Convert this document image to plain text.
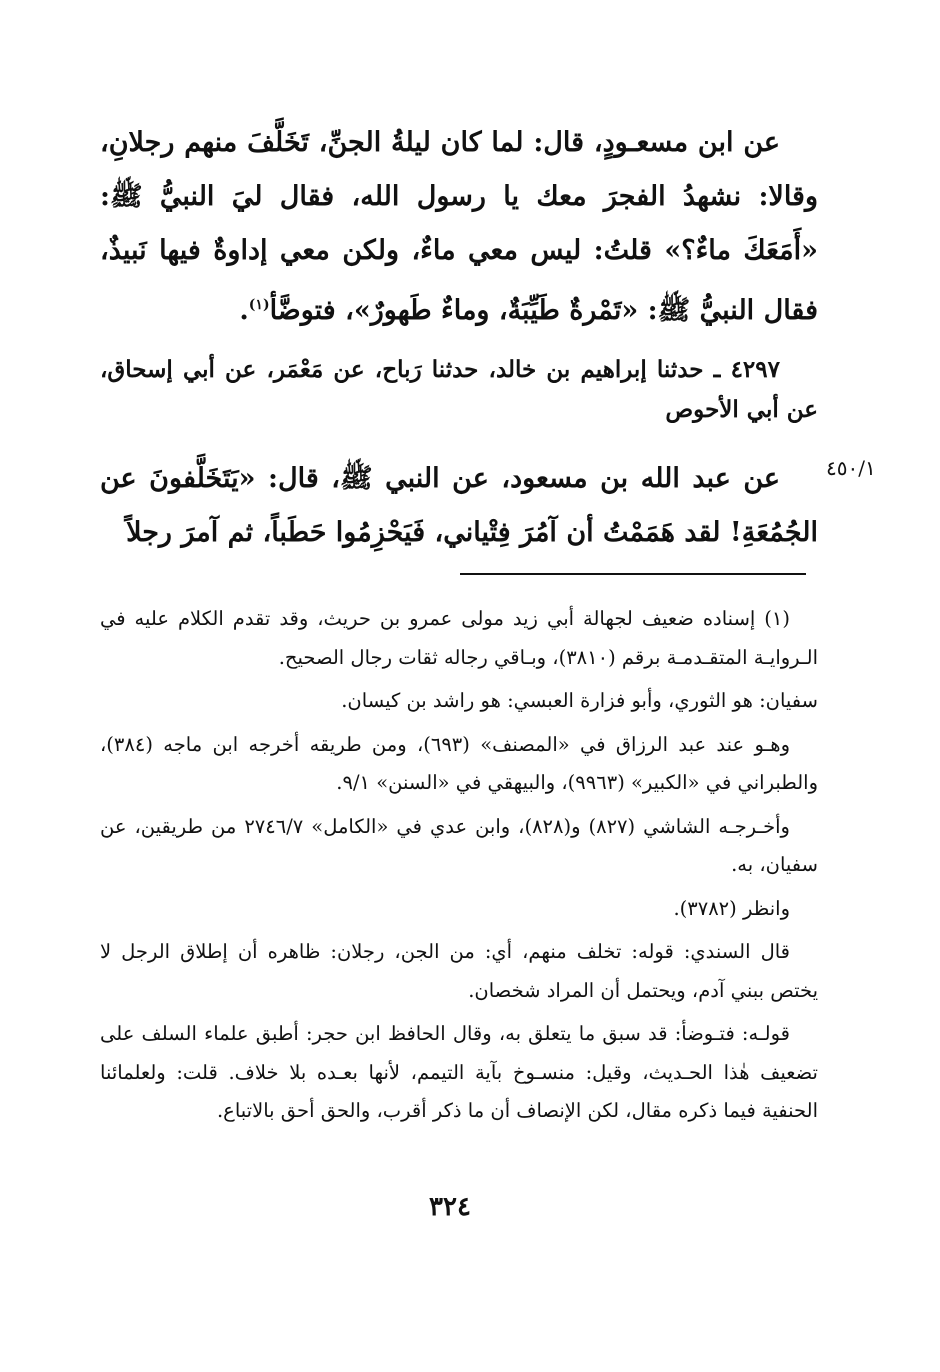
عن ابن مسعـودٍ، قال: لما كان ليلةُ الجنِّ، تَخَلَّفَ منهم رجلانِ، وقالا: نشهدُ الفجرَ معك يا رسول الله، فقال ليَ النبيُّ ﷺ: «أَمَعَكَ ماءٌ؟» قلتُ: ليس معي ماءٌ، ولكن معي إداوةٌ فيها نَبيذٌ، فقال النبيُّ ﷺ: «تَمْرةٌ طَيِّبَةٌ، وماءٌ طَهورٌ»، فتوضَّأ$^{(١)}$.

٤٢٩٧ ـ حدثنا إبراهيم بن خالد، حدثنا رَباح، عن مَعْمَر، عن أبي إسحاق، عن أبي الأحوص

٤٥٠/١

عن عبد الله بن مسعود، عن النبي ﷺ، قال: «يَتَخَلَّفونَ عن الجُمُعَةِ! لقد هَمَمْتُ أن آمُرَ فِتْياني، فَيَحْزِمُوا حَطَباً، ثم آمرَ رجلاً

(١) إسناده ضعيف لجهالة أبي زيد مولى عمرو بن حريث، وقد تقدم الكلام عليه في الـروايـة المتقـدمـة برقم (٣٨١٠)، وبـاقي رجاله ثقات رجال الصحيح.

سفيان: هو الثوري، وأبو فزارة العبسي: هو راشد بن كيسان.

وهـو عند عبد الرزاق في «المصنف» (٦٩٣)، ومن طريقه أخرجه ابن ماجه (٣٨٤)، والطبراني في «الكبير» (٩٩٦٣)، والبيهقي في «السنن» ٩/١.

وأخـرجـه الشاشي (٨٢٧) و(٨٢٨)، وابن عدي في «الكامل» ٢٧٤٦/٧ من طريقين، عن سفيان، به.

وانظر (٣٧٨٢).

قال السندي: قوله: تخلف منهم، أي: من الجن، رجلان: ظاهره أن إطلاق الرجل لا يختص ببني آدم، ويحتمل أن المراد شخصان.

قولـه: فتـوضأ: قد سبق ما يتعلق به، وقال الحافظ ابن حجر: أطبق علماء السلف على تضعيف هٰذا الحـديث، وقيل: منسـوخ بآية التيمم، لأنها بعـده بلا خلاف. قلت: ولعلمائنا الحنفية فيما ذكره مقال، لكن الإنصاف أن ما ذكر أقرب، والحق أحق بالاتباع.

٣٢٤
